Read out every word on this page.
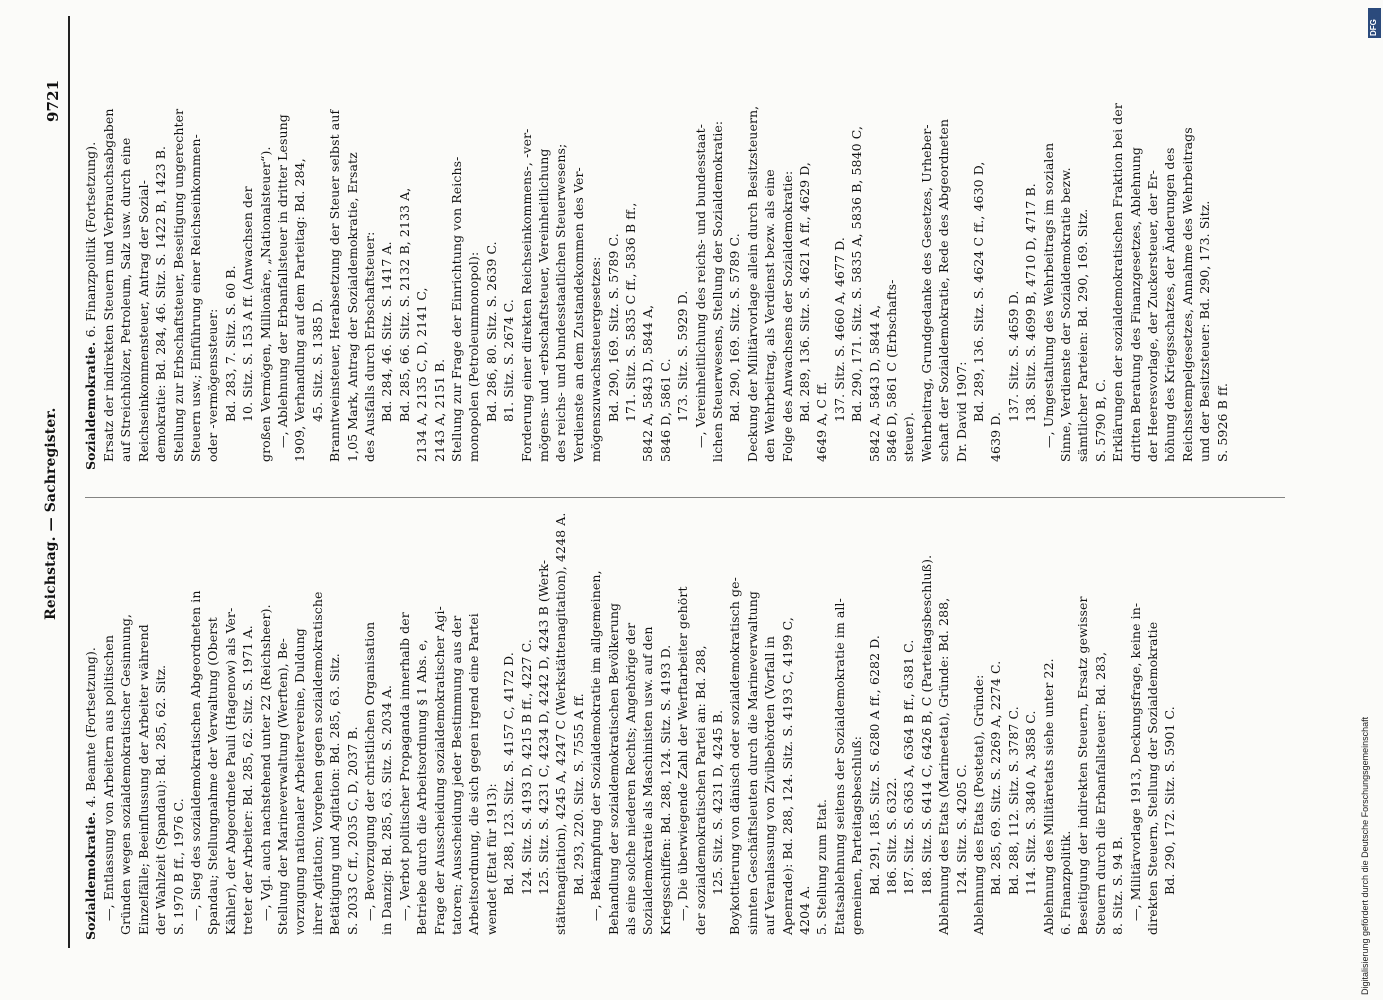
9721
Reichstag. — Sachregister.
Sozialdemokratie. 4. Beamte (Fortsetzung).
Sozialdemokratie. 6. Finanzpolitik (Fortsetzung).
—, Entlassung von Arbeitern aus politischen Gründen wegen sozialdemokratischer Gesinnung, Einzelfälle; Beeinflussung der Arbeiter während der Wahlzeit (Spandau): Bd. 285, 62. Sitz. S. 1970 B ff., 1976 C. —, Sieg des sozialdemokratischen Abgeordneten in Spandau; Stellungnahme der Verwaltung (Oberst Kähler), der Abgeordnete Pauli (Hagenow) als Ver- treter der Arbeiter: Bd. 285, 62. Sitz. S. 1971 A. —, Vgl. auch nachstehend unter 22 (Reichsheer). Stellung der Marineverwaltung (Werften), Be- vorzugung nationaler Arbeitervereine, Duldung ihrer Agitation; Vorgehen gegen sozialdemokratische Betätigung und Agitation: Bd. 285, 63. Sitz. S. 2033 C ff., 2035 C, D, 2037 B. —, Bevorzugung der christlichen Organisation in Danzig: Bd. 285, 63. Sitz. S. 2034 A. —, Verbot politischer Propaganda innerhalb der Betriebe durch die Arbeitsordnung § 1 Abs. e, Frage der Ausscheidung sozialdemokratischer Agi- tatoren; Ausscheidung jeder Bestimmung aus der Arbeitsordnung, die sich gegen irgend eine Partei wendet (Etat für 1913): Bd. 288, 123. Sitz. S. 4157 C, 4172 D. 124. Sitz. S. 4193 D, 4215 B ff., 4227 C. 125. Sitz. S. 4231 C, 4234 D, 4242 D, 4243 B (Werk- stättenagitation), 4245 A, 4247 C (Werkstättenagitation), 4248 A. Bd. 293, 220. Sitz. S. 7555 A ff. —, Bekämpfung der Sozialdemokratie im allgemeinen, Behandlung der sozialdemokratischen Bevölkerung als eine solche niederen Rechts; Angehörige der Sozialdemokratie als Maschinisten usw. auf den Kriegsschiffen: Bd. 288, 124. Sitz. S. 4193 D. —, Die überwiegende Zahl der Werftarbeiter gehört der sozialdemokratischen Partei an: Bd. 288, 125. Sitz. S. 4231 D, 4245 B. Boykottierung von dänisch oder sozialdemokratisch ge- sinnten Geschäftsleuten durch die Marineverwaltung auf Veranlassung von Zivilbehörden (Vorfall in Apenrade): Bd. 288, 124. Sitz. S. 4193 C, 4199 C, 4204 A. 5. Stellung zum Etat. Etatsablehnung seitens der Sozialdemokratie im all- gemeinen, Parteitagsbeschluß: Bd. 291, 185. Sitz. S. 6280 A ff., 6282 D. 186. Sitz. S. 6322. 187. Sitz. S. 6363 A, 6364 B ff., 6381 C. 188. Sitz. S. 6414 C, 6426 B, C (Parteitagsbeschluß). Ablehnung des Etats (Marineetat), Gründe: Bd. 288, 124. Sitz. S. 4205 C. Ablehnung des Etats (Postetat), Gründe: Bd. 285, 69. Sitz. S. 2269 A, 2274 C. Bd. 288, 112. Sitz. S. 3787 C. 114. Sitz. S. 3840 A, 3858 C. Ablehnung des Militäretats siehe unter 22. 6. Finanzpolitik. Beseitigung der indirekten Steuern, Ersatz gewisser Steuern durch die Erbanfallsteuer: Bd. 283, 8. Sitz. S. 94 B. —, Militärvorlage 1913, Deckungsfrage, keine in- direkten Steuern, Stellung der Sozialdemokratie Bd. 290, 172. Sitz. S. 5901 C.
Ersatz der indirekten Steuern und Verbrauchsabgaben auf Streichhölzer, Petroleum, Salz usw. durch eine Reichseinkommensteuer, Antrag der Sozial- demokratie: Bd. 284, 46. Sitz. S. 1422 B, 1423 B. Stellung zur Erbschaftsteuer, Beseitigung ungerechter Steuern usw.; Einführung einer Reichseinkommen- oder -vermögenssteuer: Bd. 283, 7. Sitz. S. 60 B. 10. Sitz. S. 153 A ff. (Anwachsen der großen Vermögen, Millionäre, „Nationalsteuer“). —, Ablehnung der Erbanfallsteuer in dritter Lesung 1909, Verhandlung auf dem Parteitag: Bd. 284, 45. Sitz. S. 1385 D. Branntweinsteuer, Herabsetzung der Steuer selbst auf 1,05 Mark, Antrag der Sozialdemokratie, Ersatz des Ausfalls durch Erbschaftsteuer: Bd. 284, 46. Sitz. S. 1417 A. Bd. 285, 66. Sitz. S. 2132 B, 2133 A, 2134 A, 2135 C, D, 2141 C, 2143 A, 2151 B. Stellung zur Frage der Einrichtung von Reichs- monopolen (Petroleummonopol): Bd. 286, 80. Sitz. S. 2639 C. 81. Sitz. S. 2674 C. Forderung einer direkten Reichseinkommens-, -ver- mögens- und -erbschaftsteuer, Vereinheitlichung des reichs- und bundesstaatlichen Steuerwesens; Verdienste an dem Zustandekommen des Ver- mögenszuwachssteuergesetzes: Bd. 290, 169. Sitz. S. 5789 C. 171. Sitz. S. 5835 C ff., 5836 B ff., 5842 A, 5843 D, 5844 A, 5846 D, 5861 C. 173. Sitz. S. 5929 D. —, Vereinheitlichung des reichs- und bundesstaat- lichen Steuerwesens, Stellung der Sozialdemokratie: Bd. 290, 169. Sitz. S. 5789 C. Deckung der Militärvorlage allein durch Besitzsteuern, den Wehrbeitrag, als Verdienst bezw. als eine Folge des Anwachsens der Sozialdemokratie: Bd. 289, 136. Sitz. S. 4621 A ff., 4629 D, 4649 A, C ff. 137. Sitz. S. 4660 A, 4677 D. Bd. 290, 171. Sitz. S. 5835 A, 5836 B, 5840 C, 5842 A, 5843 D, 5844 A, 5846 D, 5861 C (Erbschafts- steuer). Wehrbeitrag, Grundgedanke des Gesetzes, Urheber- schaft der Sozialdemokratie, Rede des Abgeordneten Dr. David 1907: Bd. 289, 136. Sitz. S. 4624 C ff., 4630 D,
4639 D.
137. Sitz. S. 4659 D. 138. Sitz. S. 4699 B, 4710 D, 4717 B. —, Umgestaltung des Wehrbeitrags im sozialen Sinne, Verdienste der Sozialdemokratie bezw. sämtlicher Parteien: Bd. 290, 169. Sitz. S. 5790 B, C. Erklärungen der sozialdemokratischen Fraktion bei der dritten Beratung des Finanzgesetzes, Ablehnung der Heeresvorlage, der Zuckersteuer, der Er- höhung des Kriegsschatzes, der Änderungen des Reichsstempelgesetzes, Annahme des Wehrbeitrags und der Besitzsteuer: Bd. 290, 173. Sitz. S. 5926 B ff.
Digitalisierung gefördert durch die Deutsche Forschungsgemeinschaft
DFG
